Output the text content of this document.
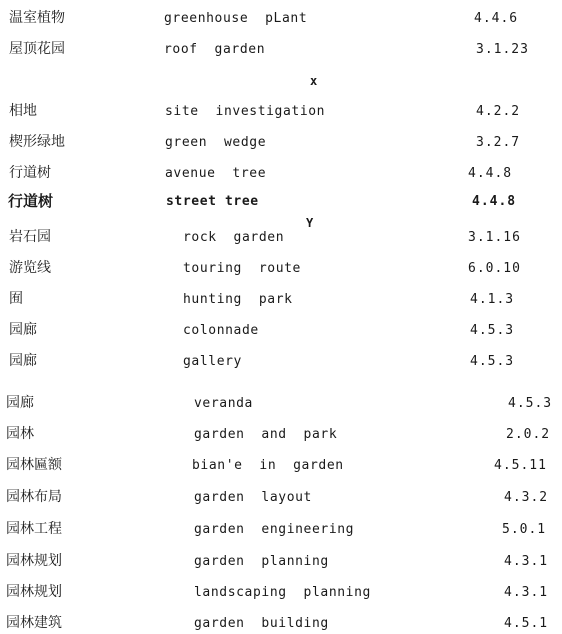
x
Y
温室植物	greenhouse  pLant	4.4.6
屋顶花园	roof  garden	3.1.23
相地	site  investigation	4.2.2
楔形绿地	green  wedge	3.2.7
行道树	avenue  tree	4.4.8
行道树	street tree	4.4.8
岩石园	rock  garden	3.1.16
游览线	touring  route	6.0.10
囿	hunting  park	4.1.3
园廊	colonnade	4.5.3
园廊	gallery	4.5.3
园廊	veranda	4.5.3
园林	garden  and  park	2.0.2
园林匾额	bian'e  in  garden	4.5.11
园林布局	garden  layout	4.3.2
园林工程	garden  engineering	5.0.1
园林规划	garden  planning	4.3.1
园林规划	landscaping  planning	4.3.1
园林建筑	garden  building	4.5.1
